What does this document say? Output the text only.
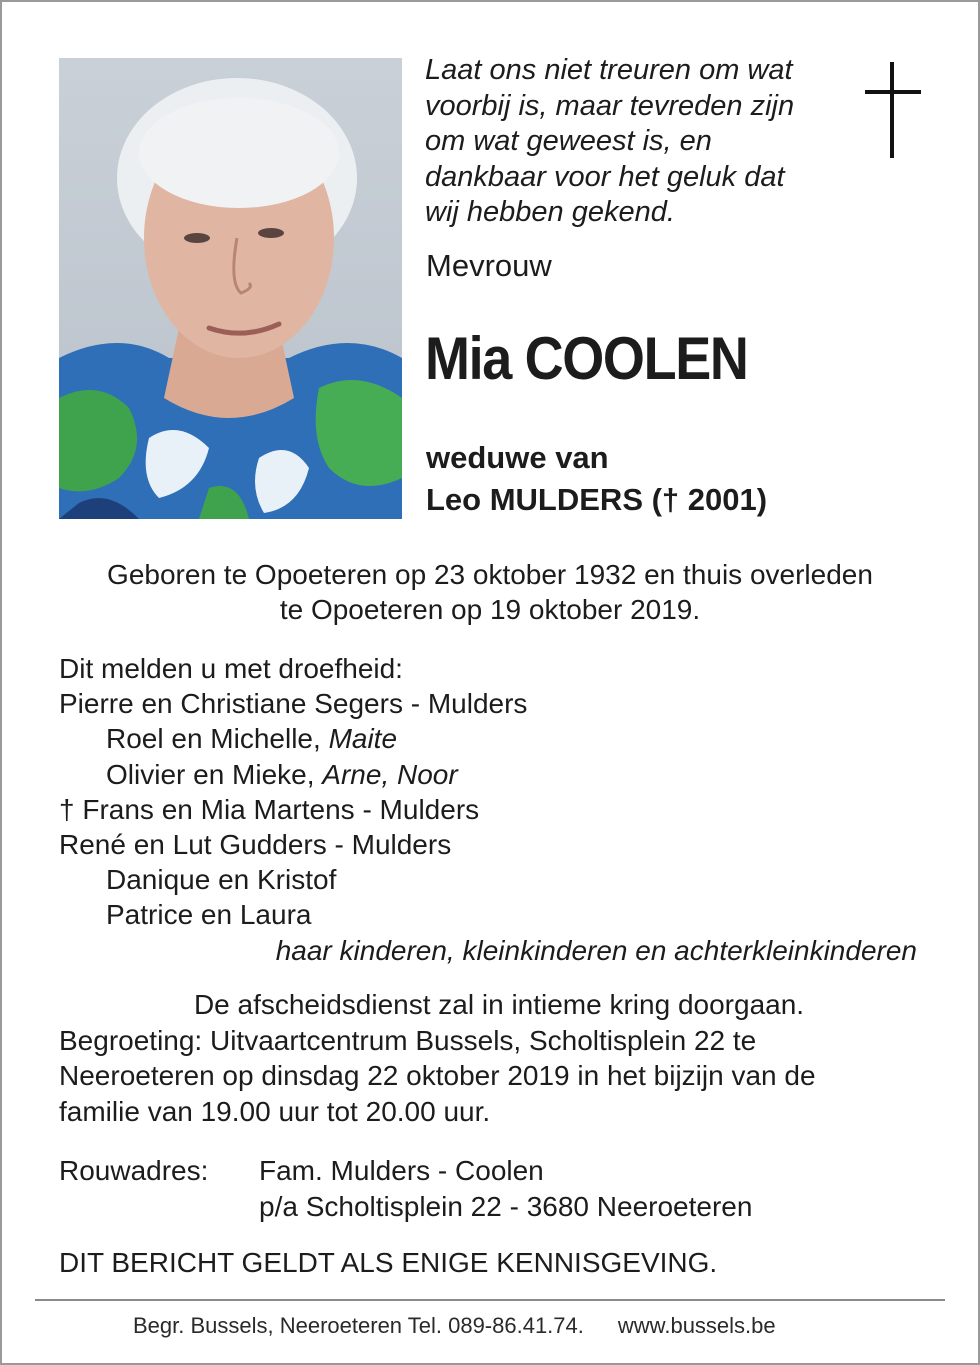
Laat ons niet treuren om wat
voorbij is, maar tevreden zijn
om wat geweest is, en
dankbaar voor het geluk dat
wij hebben gekend.
Mevrouw
Mia COOLEN
weduwe van
Leo MULDERS († 2001)
Geboren te Opoeteren op 23 oktober 1932 en thuis overleden
te Opoeteren op 19 oktober 2019.
Dit melden u met droefheid:
Pierre en Christiane Segers - Mulders
Roel en Michelle, Maite
Olivier en Mieke, Arne, Noor
† Frans en Mia Martens - Mulders
René en Lut Gudders - Mulders
Danique en Kristof
Patrice en Laura
haar kinderen, kleinkinderen en achterkleinkinderen
De afscheidsdienst zal in intieme kring doorgaan.
Begroeting: Uitvaartcentrum Bussels, Scholtisplein 22 te
Neeroeteren op dinsdag 22 oktober 2019 in het bijzijn van de
familie van 19.00 uur tot 20.00 uur.
Rouwadres: Fam. Mulders - Coolen
p/a Scholtisplein 22 - 3680 Neeroeteren
DIT BERICHT GELDT ALS ENIGE KENNISGEVING.
Begr. Bussels, Neeroeteren Tel. 089-86.41.74. www.bussels.be
